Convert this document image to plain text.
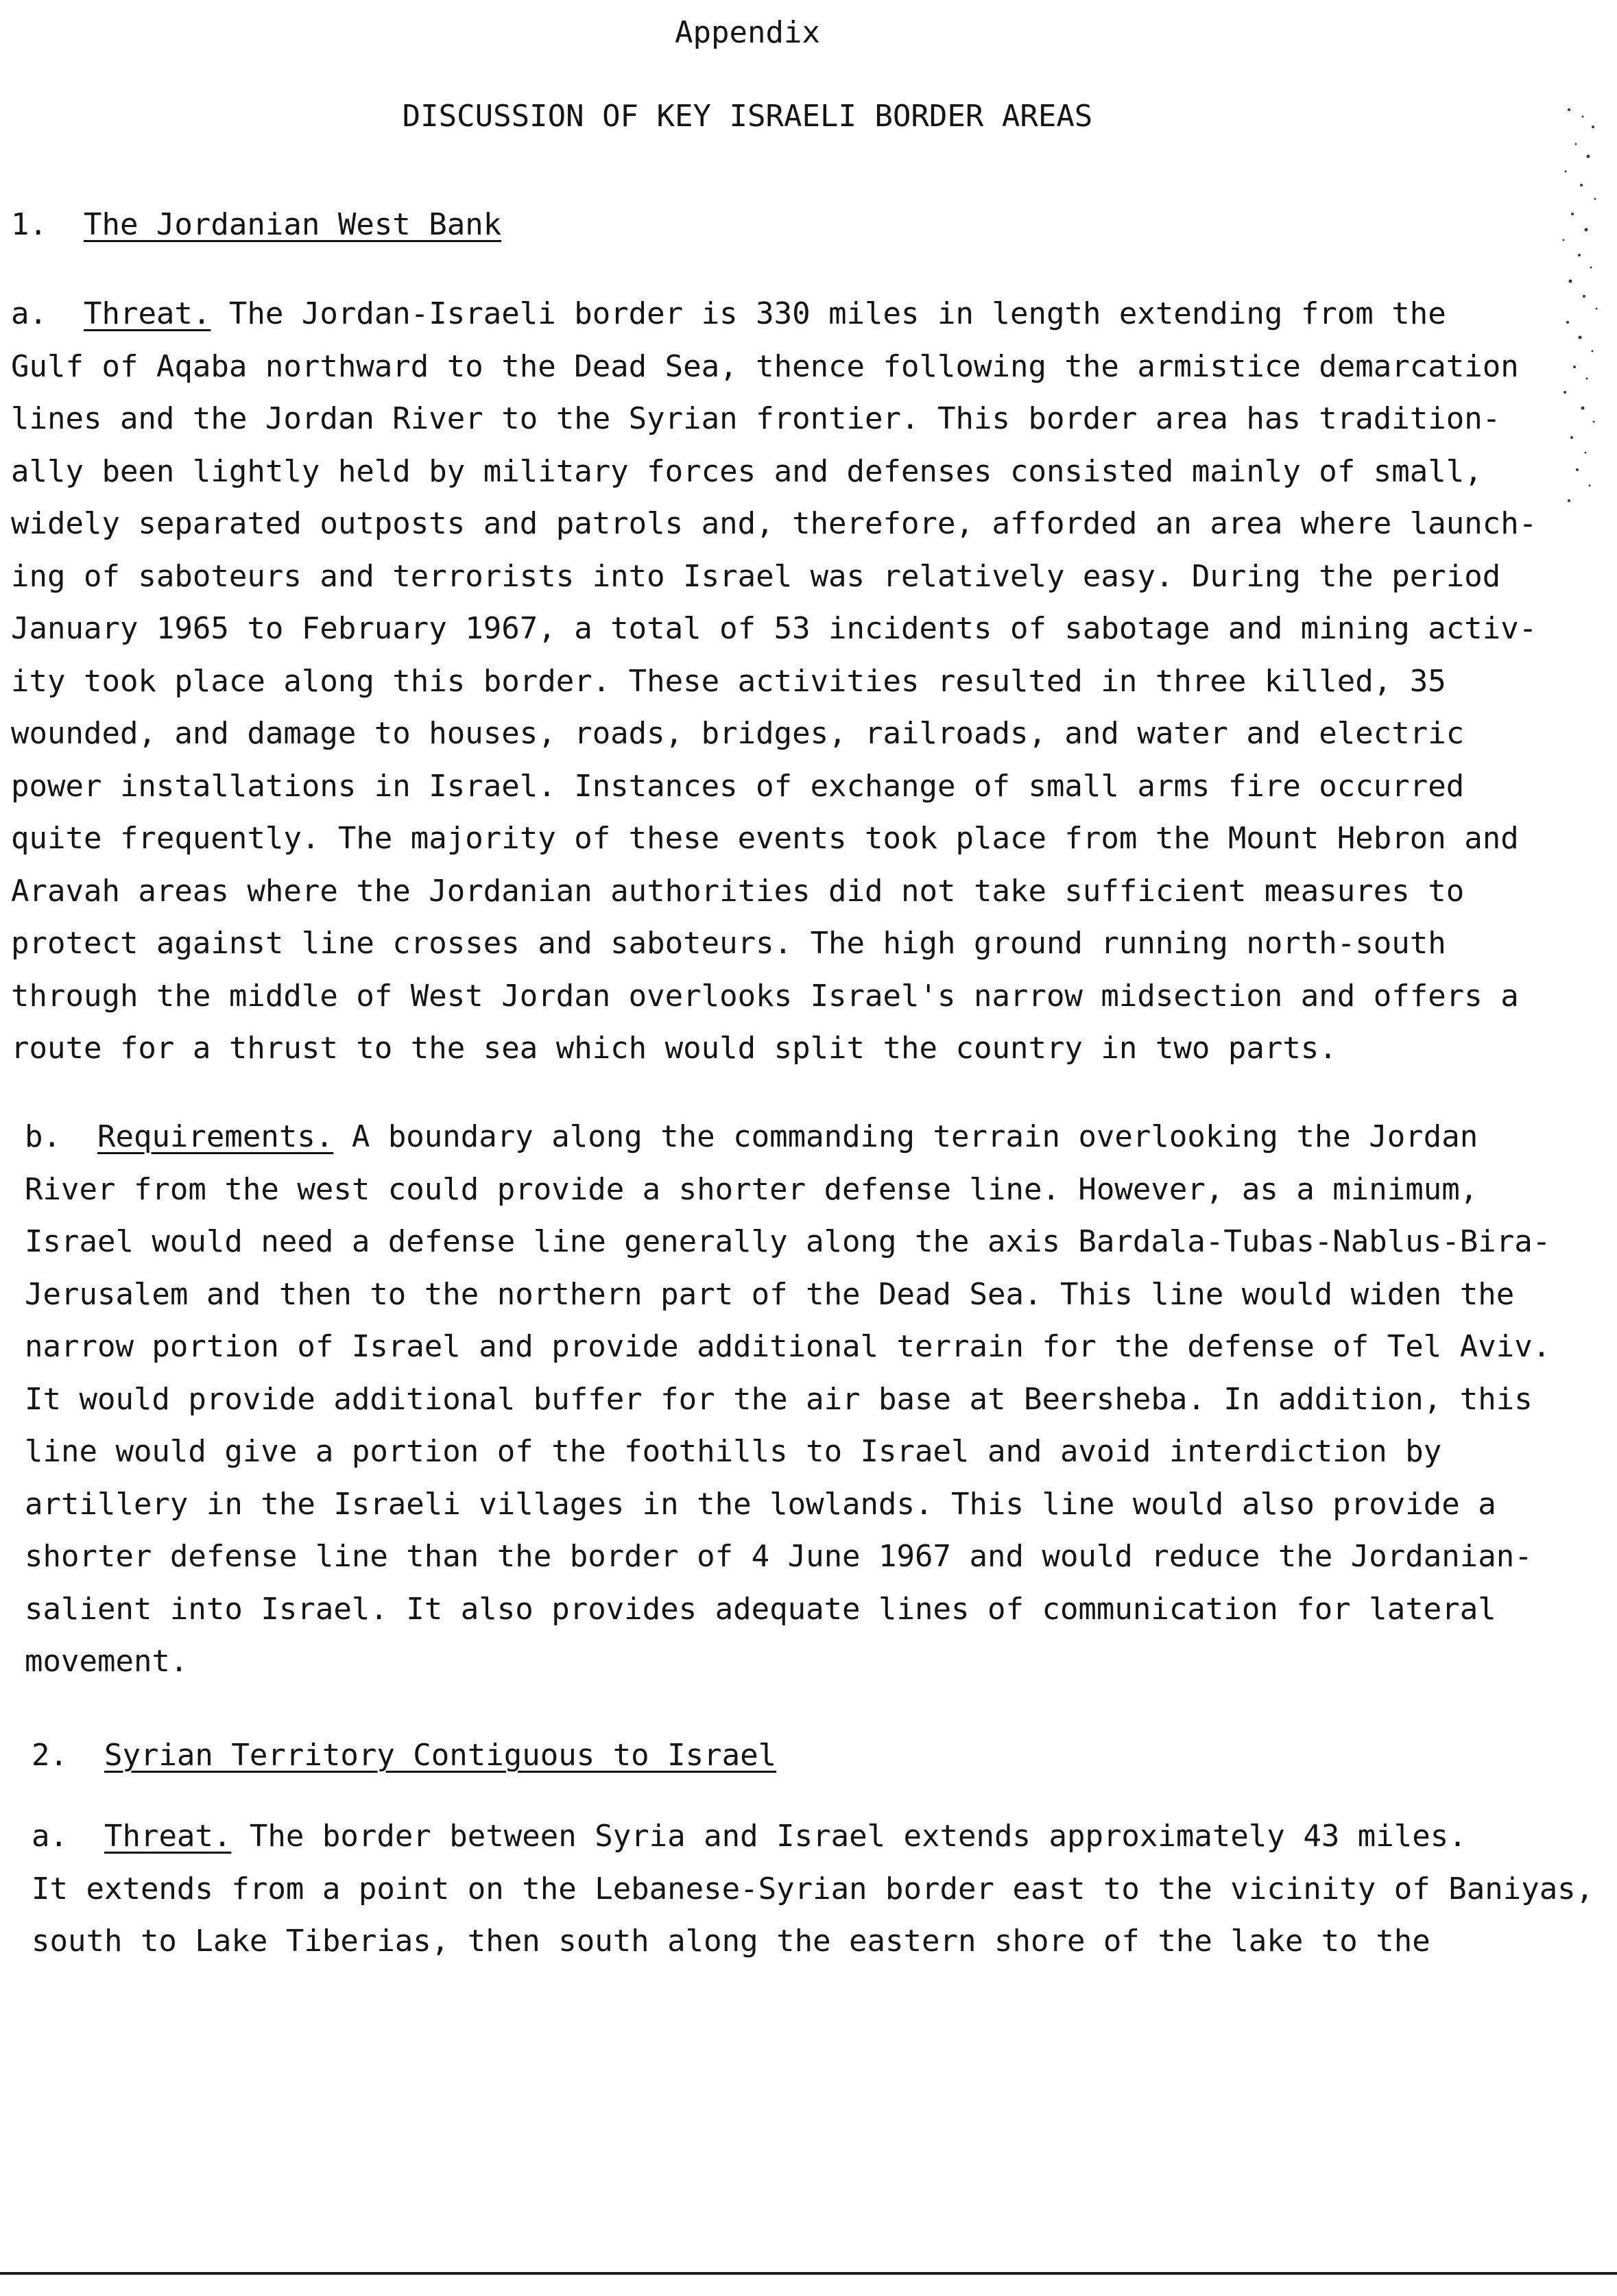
Appendix
DISCUSSION OF KEY ISRAELI BORDER AREAS
1. The Jordanian West Bank
a. Threat. The Jordan-Israeli border is 330 miles in length extending from the
Gulf of Aqaba northward to the Dead Sea, thence following the armistice demarcation
lines and the Jordan River to the Syrian frontier. This border area has tradition-
ally been lightly held by military forces and defenses consisted mainly of small,
widely separated outposts and patrols and, therefore, afforded an area where launch-
ing of saboteurs and terrorists into Israel was relatively easy. During the period
January 1965 to February 1967, a total of 53 incidents of sabotage and mining activ-
ity took place along this border. These activities resulted in three killed, 35
wounded, and damage to houses, roads, bridges, railroads, and water and electric
power installations in Israel. Instances of exchange of small arms fire occurred
quite frequently. The majority of these events took place from the Mount Hebron and
Aravah areas where the Jordanian authorities did not take sufficient measures to
protect against line crosses and saboteurs. The high ground running north-south
through the middle of West Jordan overlooks Israel's narrow midsection and offers a
route for a thrust to the sea which would split the country in two parts.
b. Requirements. A boundary along the commanding terrain overlooking the Jordan
River from the west could provide a shorter defense line. However, as a minimum,
Israel would need a defense line generally along the axis Bardala-Tubas-Nablus-Bira-
Jerusalem and then to the northern part of the Dead Sea. This line would widen the
narrow portion of Israel and provide additional terrain for the defense of Tel Aviv.
It would provide additional buffer for the air base at Beersheba. In addition, this
line would give a portion of the foothills to Israel and avoid interdiction by
artillery in the Israeli villages in the lowlands. This line would also provide a
shorter defense line than the border of 4 June 1967 and would reduce the Jordanian-
salient into Israel. It also provides adequate lines of communication for lateral
movement.
2. Syrian Territory Contiguous to Israel
a. Threat. The border between Syria and Israel extends approximately 43 miles.
It extends from a point on the Lebanese-Syrian border east to the vicinity of Baniyas,
south to Lake Tiberias, then south along the eastern shore of the lake to the
